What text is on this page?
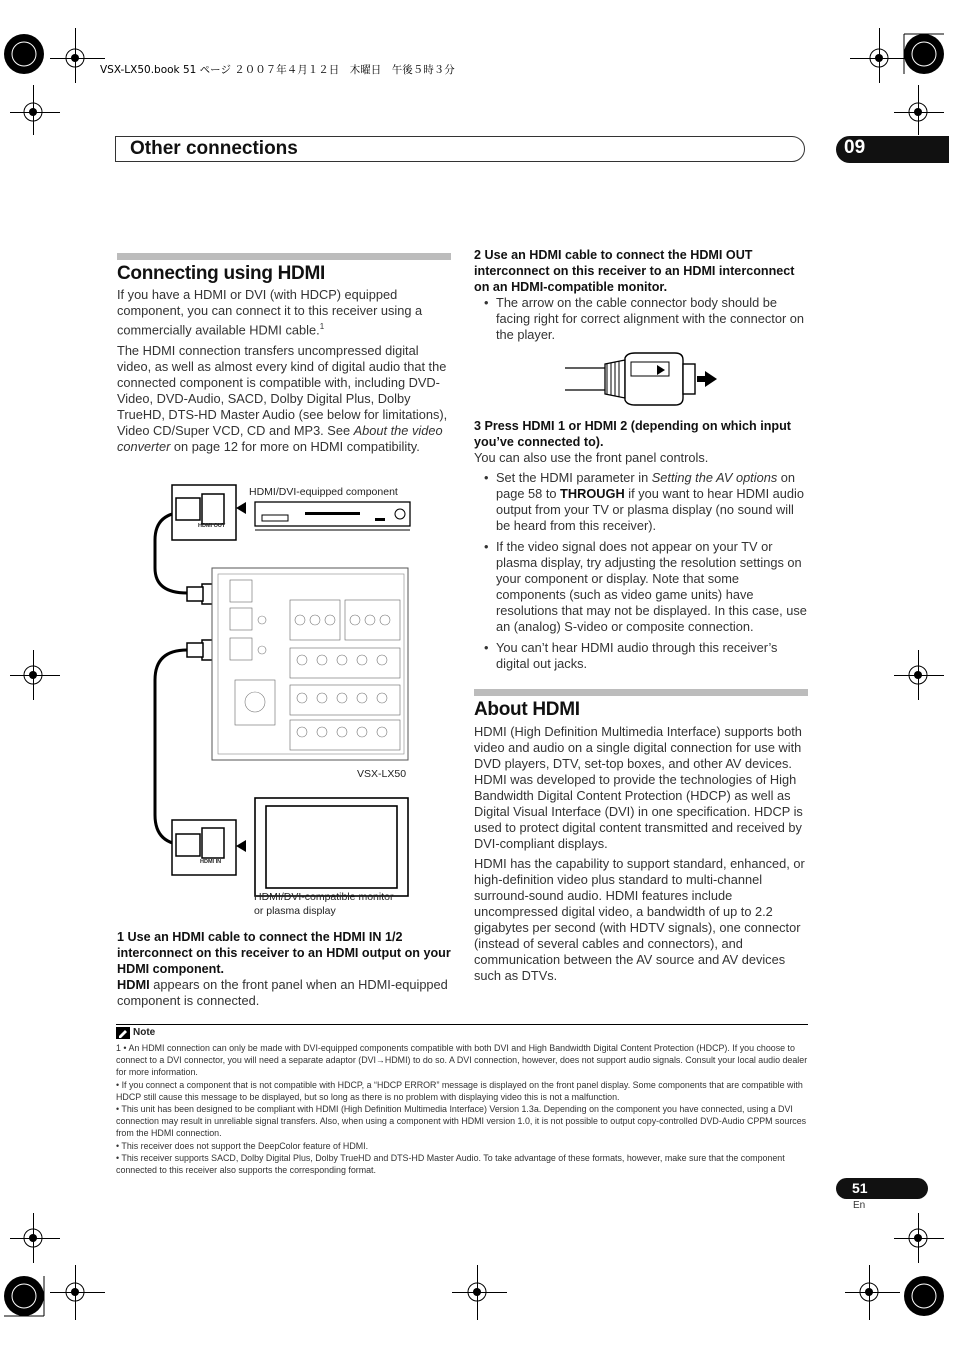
VSX-LX50.book 51 ページ ２００７年４月１２日　木曜日　午後５時３分
Other connections	09
Connecting using HDMI

If you have a HDMI or DVI (with HDCP) equipped component, you can connect it to this receiver using a commercially available HDMI cable.$^1$

The HDMI connection transfers uncompressed digital video, as well as almost every kind of digital audio that the connected component is compatible with, including DVD-Video, DVD-Audio, SACD, Dolby Digital Plus, Dolby TrueHD, DTS-HD Master Audio (see below for limitations), Video CD/Super VCD, CD and MP3. See About the video converter on page 12 for more on HDMI compatibility.

HDMI/DVI-equipped component
HDMI OUT
VSX-LX50
HDMI IN
HDMI/DVI-compatible monitor
or plasma display

1 Use an HDMI cable to connect the HDMI IN 1/2 interconnect on this receiver to an HDMI output on your HDMI component.

HDMI appears on the front panel when an HDMI-equipped component is connected.

2 Use an HDMI cable to connect the HDMI OUT interconnect on this receiver to an HDMI interconnect on an HDMI-compatible monitor.

• The arrow on the cable connector body should be facing right for correct alignment with the connector on the player.

3 Press HDMI 1 or HDMI 2 (depending on which input you’ve connected to).

You can also use the front panel controls.

• Set the HDMI parameter in Setting the AV options on page 58 to THROUGH if you want to hear HDMI audio output from your TV or plasma display (no sound will be heard from this receiver).

• If the video signal does not appear on your TV or plasma display, try adjusting the resolution settings on your component or display. Note that some components (such as video game units) have resolutions that may not be displayed. In this case, use an (analog) S-video or composite connection.

• You can’t hear HDMI audio through this receiver’s digital out jacks.

About HDMI

HDMI (High Definition Multimedia Interface) supports both video and audio on a single digital connection for use with DVD players, DTV, set-top boxes, and other AV devices. HDMI was developed to provide the technologies of High Bandwidth Digital Content Protection (HDCP) as well as Digital Visual Interface (DVI) in one specification. HDCP is used to protect digital content transmitted and received by DVI-compliant displays.

HDMI has the capability to support standard, enhanced, or high-definition video plus standard to multi-channel surround-sound audio. HDMI features include uncompressed digital video, a bandwidth of up to 2.2 gigabytes per second (with HDTV signals), one connector (instead of several cables and connectors), and communication between the AV source and AV devices such as DTVs.

Note

1 • An HDMI connection can only be made with DVI-equipped components compatible with both DVI and High Bandwidth Digital Content Protection (HDCP). If you choose to connect to a DVI connector, you will need a separate adaptor (DVI→HDMI) to do so. A DVI connection, however, does not support audio signals. Consult your local audio dealer for more information.

• If you connect a component that is not compatible with HDCP, a “HDCP ERROR” message is displayed on the front panel display. Some components that are compatible with HDCP still cause this message to be displayed, but so long as there is no problem with displaying video this is not a malfunction.

• This unit has been designed to be compliant with HDMI (High Definition Multimedia Interface) Version 1.3a. Depending on the component you have connected, using a DVI connection may result in unreliable signal transfers. Also, when using a component with HDMI version 1.0, it is not possible to output copy-controlled DVD-Audio CPPM sources from the HDMI connection.

• This receiver does not support the DeepColor feature of HDMI.

• This receiver supports SACD, Dolby Digital Plus, Dolby TrueHD and DTS-HD Master Audio. To take advantage of these formats, however, make sure that the component connected to this receiver also supports the corresponding format.

51
En
